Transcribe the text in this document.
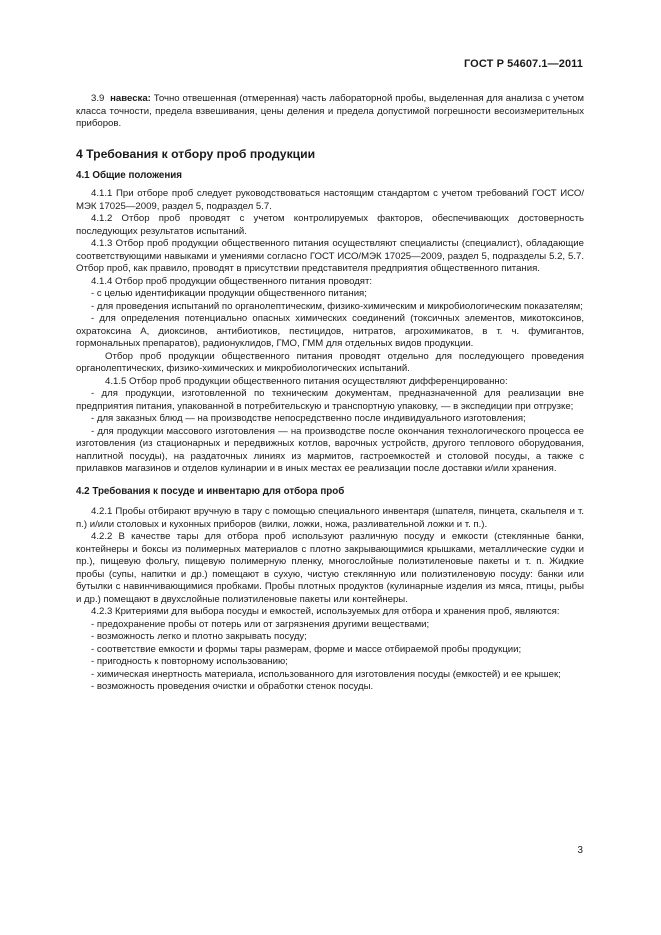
ГОСТ Р 54607.1—2011

3.9 навеска: Точно отвешенная (отмеренная) часть лабораторной пробы, выделенная для анализа с учетом класса точности, предела взвешивания, цены деления и предела допустимой погрешности весоизмерительных приборов.

4 Требования к отбору проб продукции
4.1 Общие положения

4.1.1 При отборе проб следует руководствоваться настоящим стандартом с учетом требований ГОСТ ИСО/МЭК 17025—2009, раздел 5, подраздел 5.7.

4.1.2 Отбор проб проводят с учетом контролируемых факторов, обеспечивающих достоверность последующих результатов испытаний.

4.1.3 Отбор проб продукции общественного питания осуществляют специалисты (специалист), обладающие соответствующими навыками и умениями согласно ГОСТ ИСО/МЭК 17025—2009, раздел 5, подразделы 5.2, 5.7. Отбор проб, как правило, проводят в присутствии представителя предприятия общественного питания.

4.1.4 Отбор проб продукции общественного питания проводят:

- с целью идентификации продукции общественного питания;

- для проведения испытаний по органолептическим, физико-химическим и микробиологическим показателям;

- для определения потенциально опасных химических соединений (токсичных элементов, микотоксинов, охратоксина А, диоксинов, антибиотиков, пестицидов, нитратов, агрохимикатов, в т. ч. фумигантов, гормональных препаратов), радионуклидов, ГМО, ГММ для отдельных видов продукции.

Отбор проб продукции общественного питания проводят отдельно для последующего проведения органолептических, физико-химических и микробиологических испытаний.

4.1.5 Отбор проб продукции общественного питания осуществляют дифференцированно:

- для продукции, изготовленной по техническим документам, предназначенной для реализации вне предприятия питания, упакованной в потребительскую и транспортную упаковку, — в экспедиции при отгрузке;

- для заказных блюд — на производстве непосредственно после индивидуального изготовления;

- для продукции массового изготовления — на производстве после окончания технологического процесса ее изготовления (из стационарных и передвижных котлов, варочных устройств, другого теплового оборудования, наплитной посуды), на раздаточных линиях из мармитов, гастроемкостей и столовой посуды, а также с прилавков магазинов и отделов кулинарии и в иных местах ее реализации после доставки и/или хранения.

4.2 Требования к посуде и инвентарю для отбора проб

4.2.1 Пробы отбирают вручную в тару с помощью специального инвентаря (шпателя, пинцета, скальпеля и т. п.) и/или столовых и кухонных приборов (вилки, ложки, ножа, разливательной ложки и т. п.).

4.2.2 В качестве тары для отбора проб используют различную посуду и емкости (стеклянные банки, контейнеры и боксы из полимерных материалов с плотно закрывающимися крышками, металлические судки и пр.), пищевую фольгу, пищевую полимерную пленку, многослойные полиэтиленовые пакеты и т. п. Жидкие пробы (супы, напитки и др.) помещают в сухую, чистую стеклянную или полиэтиленовую посуду: банки или бутылки с навинчивающимися пробками. Пробы плотных продуктов (кулинарные изделия из мяса, птицы, рыбы и др.) помещают в двухслойные полиэтиленовые пакеты или контейнеры.

4.2.3 Критериями для выбора посуды и емкостей, используемых для отбора и хранения проб, являются:

- предохранение пробы от потерь или от загрязнения другими веществами;

- возможность легко и плотно закрывать посуду;

- соответствие емкости и формы тары размерам, форме и массе отбираемой пробы продукции;

- пригодность к повторному использованию;

- химическая инертность материала, использованного для изготовления посуды (емкостей) и ее крышек;

- возможность проведения очистки и обработки стенок посуды.

3
